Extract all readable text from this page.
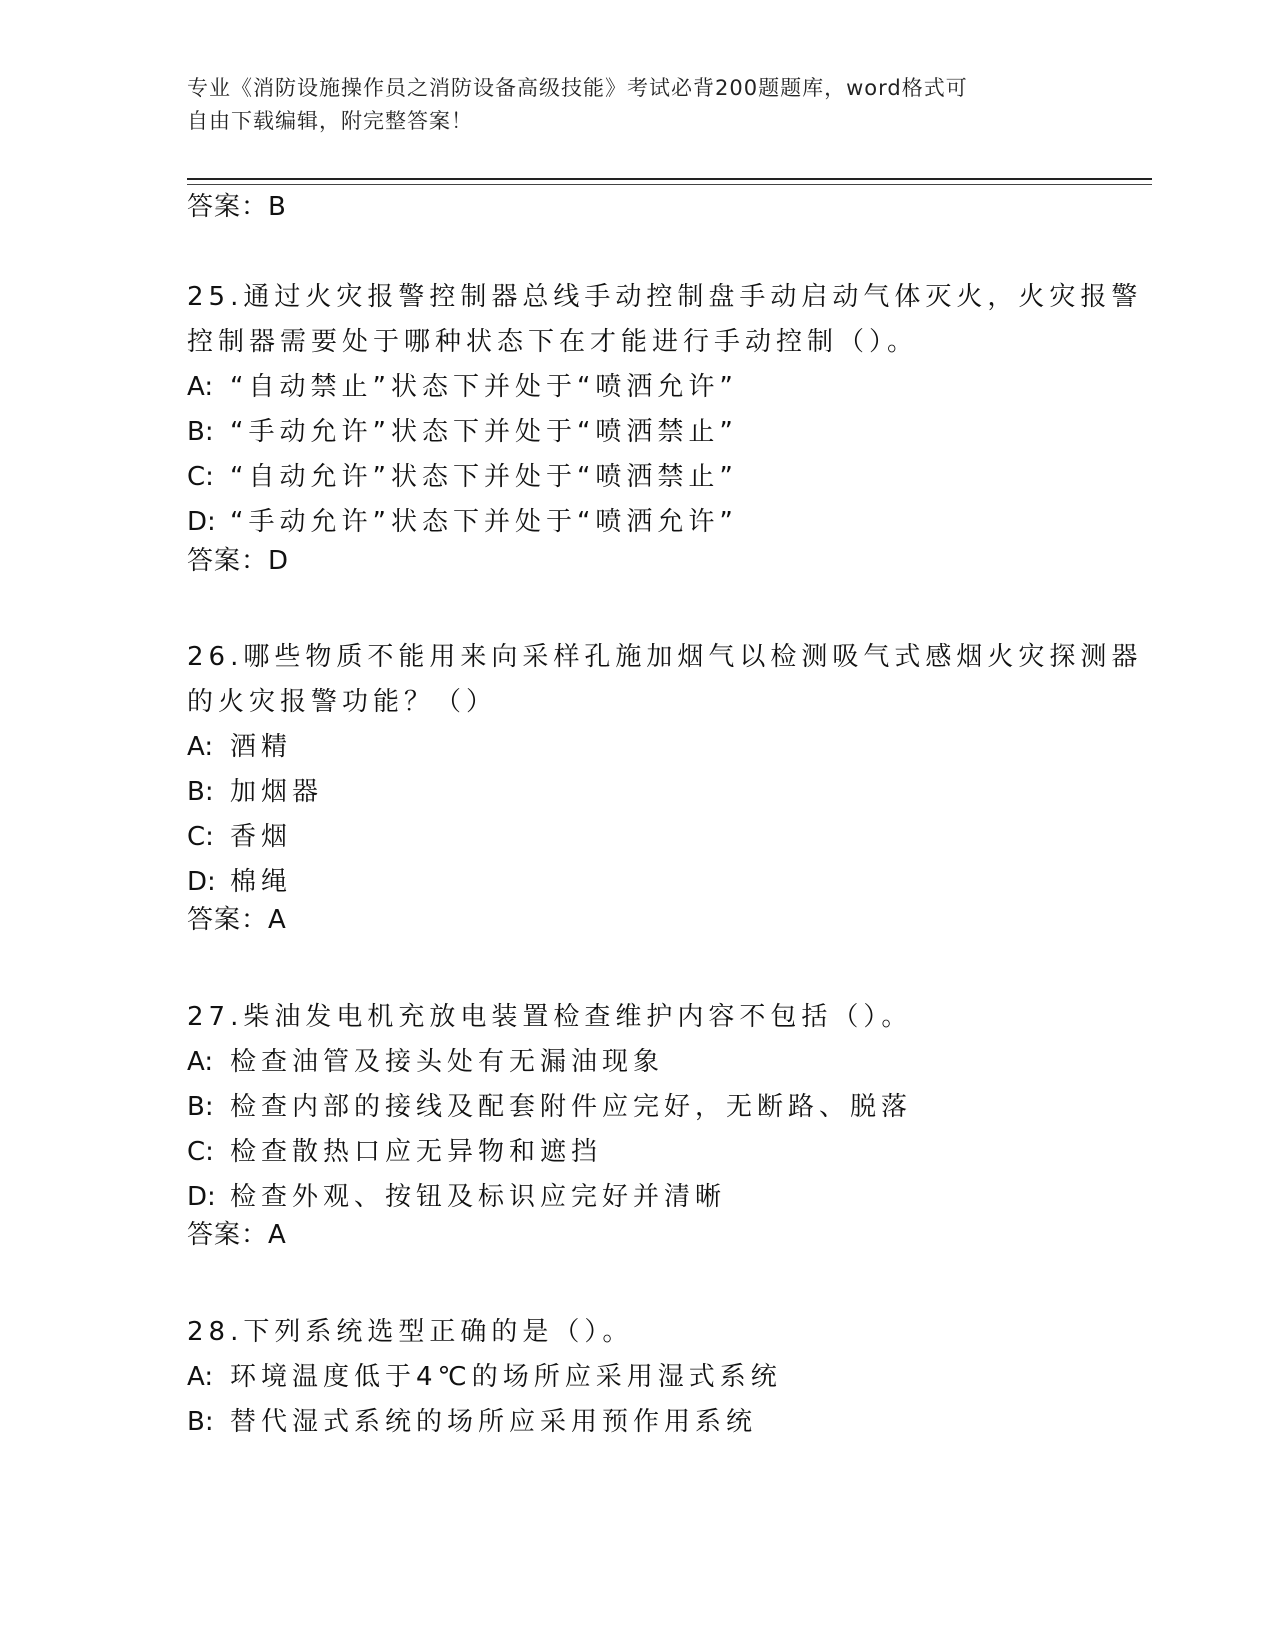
专业《消防设施操作员之消防设备高级技能》考试必背200题题库，word格式可
自由下载编辑，附完整答案！
答案：B
25.通过火灾报警控制器总线手动控制盘手动启动气体灭火，火灾报警
控制器需要处于哪种状态下在才能进行手动控制（）。
A: “自动禁止”状态下并处于“喷洒允许”
B: “手动允许”状态下并处于“喷洒禁止”
C: “自动允许”状态下并处于“喷洒禁止”
D: “手动允许”状态下并处于“喷洒允许”
答案：D
26.哪些物质不能用来向采样孔施加烟气以检测吸气式感烟火灾探测器
的火灾报警功能？（）
A: 酒精
B: 加烟器
C: 香烟
D: 棉绳
答案：A
27.柴油发电机充放电装置检查维护内容不包括（）。
A: 检查油管及接头处有无漏油现象
B: 检查内部的接线及配套附件应完好，无断路、脱落
C: 检查散热口应无异物和遮挡
D: 检查外观、按钮及标识应完好并清晰
答案：A
28.下列系统选型正确的是（）。
A: 环境温度低于4℃的场所应采用湿式系统
B: 替代湿式系统的场所应采用预作用系统
